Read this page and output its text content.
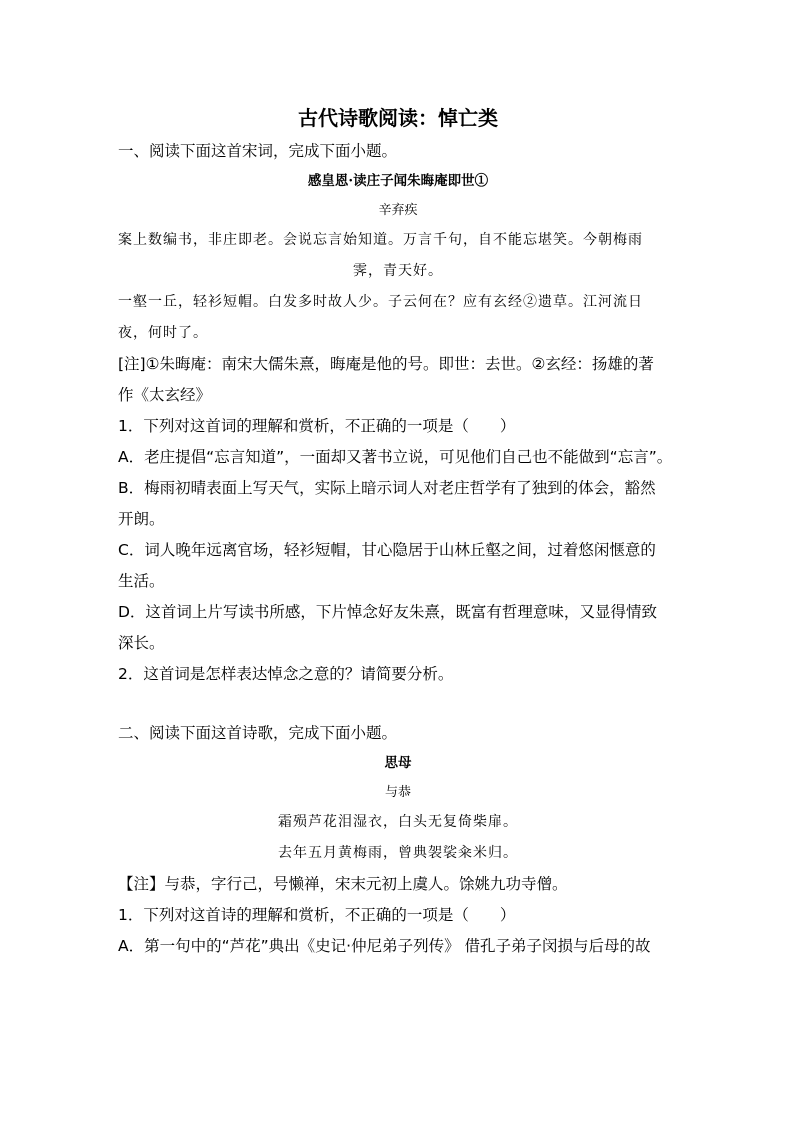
古代诗歌阅读：悼亡类
一、阅读下面这首宋词，完成下面小题。
感皇恩·读庄子闻朱晦庵即世①
辛弃疾
案上数编书，非庄即老。会说忘言始知道。万言千句，自不能忘堪笑。今朝梅雨
霁，青天好。
一壑一丘，轻衫短帽。白发多时故人少。子云何在？应有玄经②遗草。江河流日
夜，何时了。
[注]①朱晦庵：南宋大儒朱熹，晦庵是他的号。即世：去世。②玄经：扬雄的著
作《太玄经》
1．下列对这首词的理解和赏析，不正确的一项是（　　）
A．老庄提倡“忘言知道”，一面却又著书立说，可见他们自己也不能做到“忘言”。
B．梅雨初晴表面上写天气，实际上暗示词人对老庄哲学有了独到的体会，豁然
开朗。
C．词人晚年远离官场，轻衫短帽，甘心隐居于山林丘壑之间，过着悠闲惬意的
生活。
D．这首词上片写读书所感，下片悼念好友朱熹，既富有哲理意味，又显得情致
深长。
2．这首词是怎样表达悼念之意的？请简要分析。
二、阅读下面这首诗歌，完成下面小题。
思母
与恭
霜殒芦花泪湿衣，白头无复倚柴扉。
去年五月黄梅雨，曾典袈裟籴米归。
【注】与恭，字行己，号懒禅，宋末元初上虞人。馀姚九功寺僧。
1．下列对这首诗的理解和赏析，不正确的一项是（　　）
A．第一句中的“芦花”典出《史记·仲尼弟子列传》 借孔子弟子闵损与后母的故
